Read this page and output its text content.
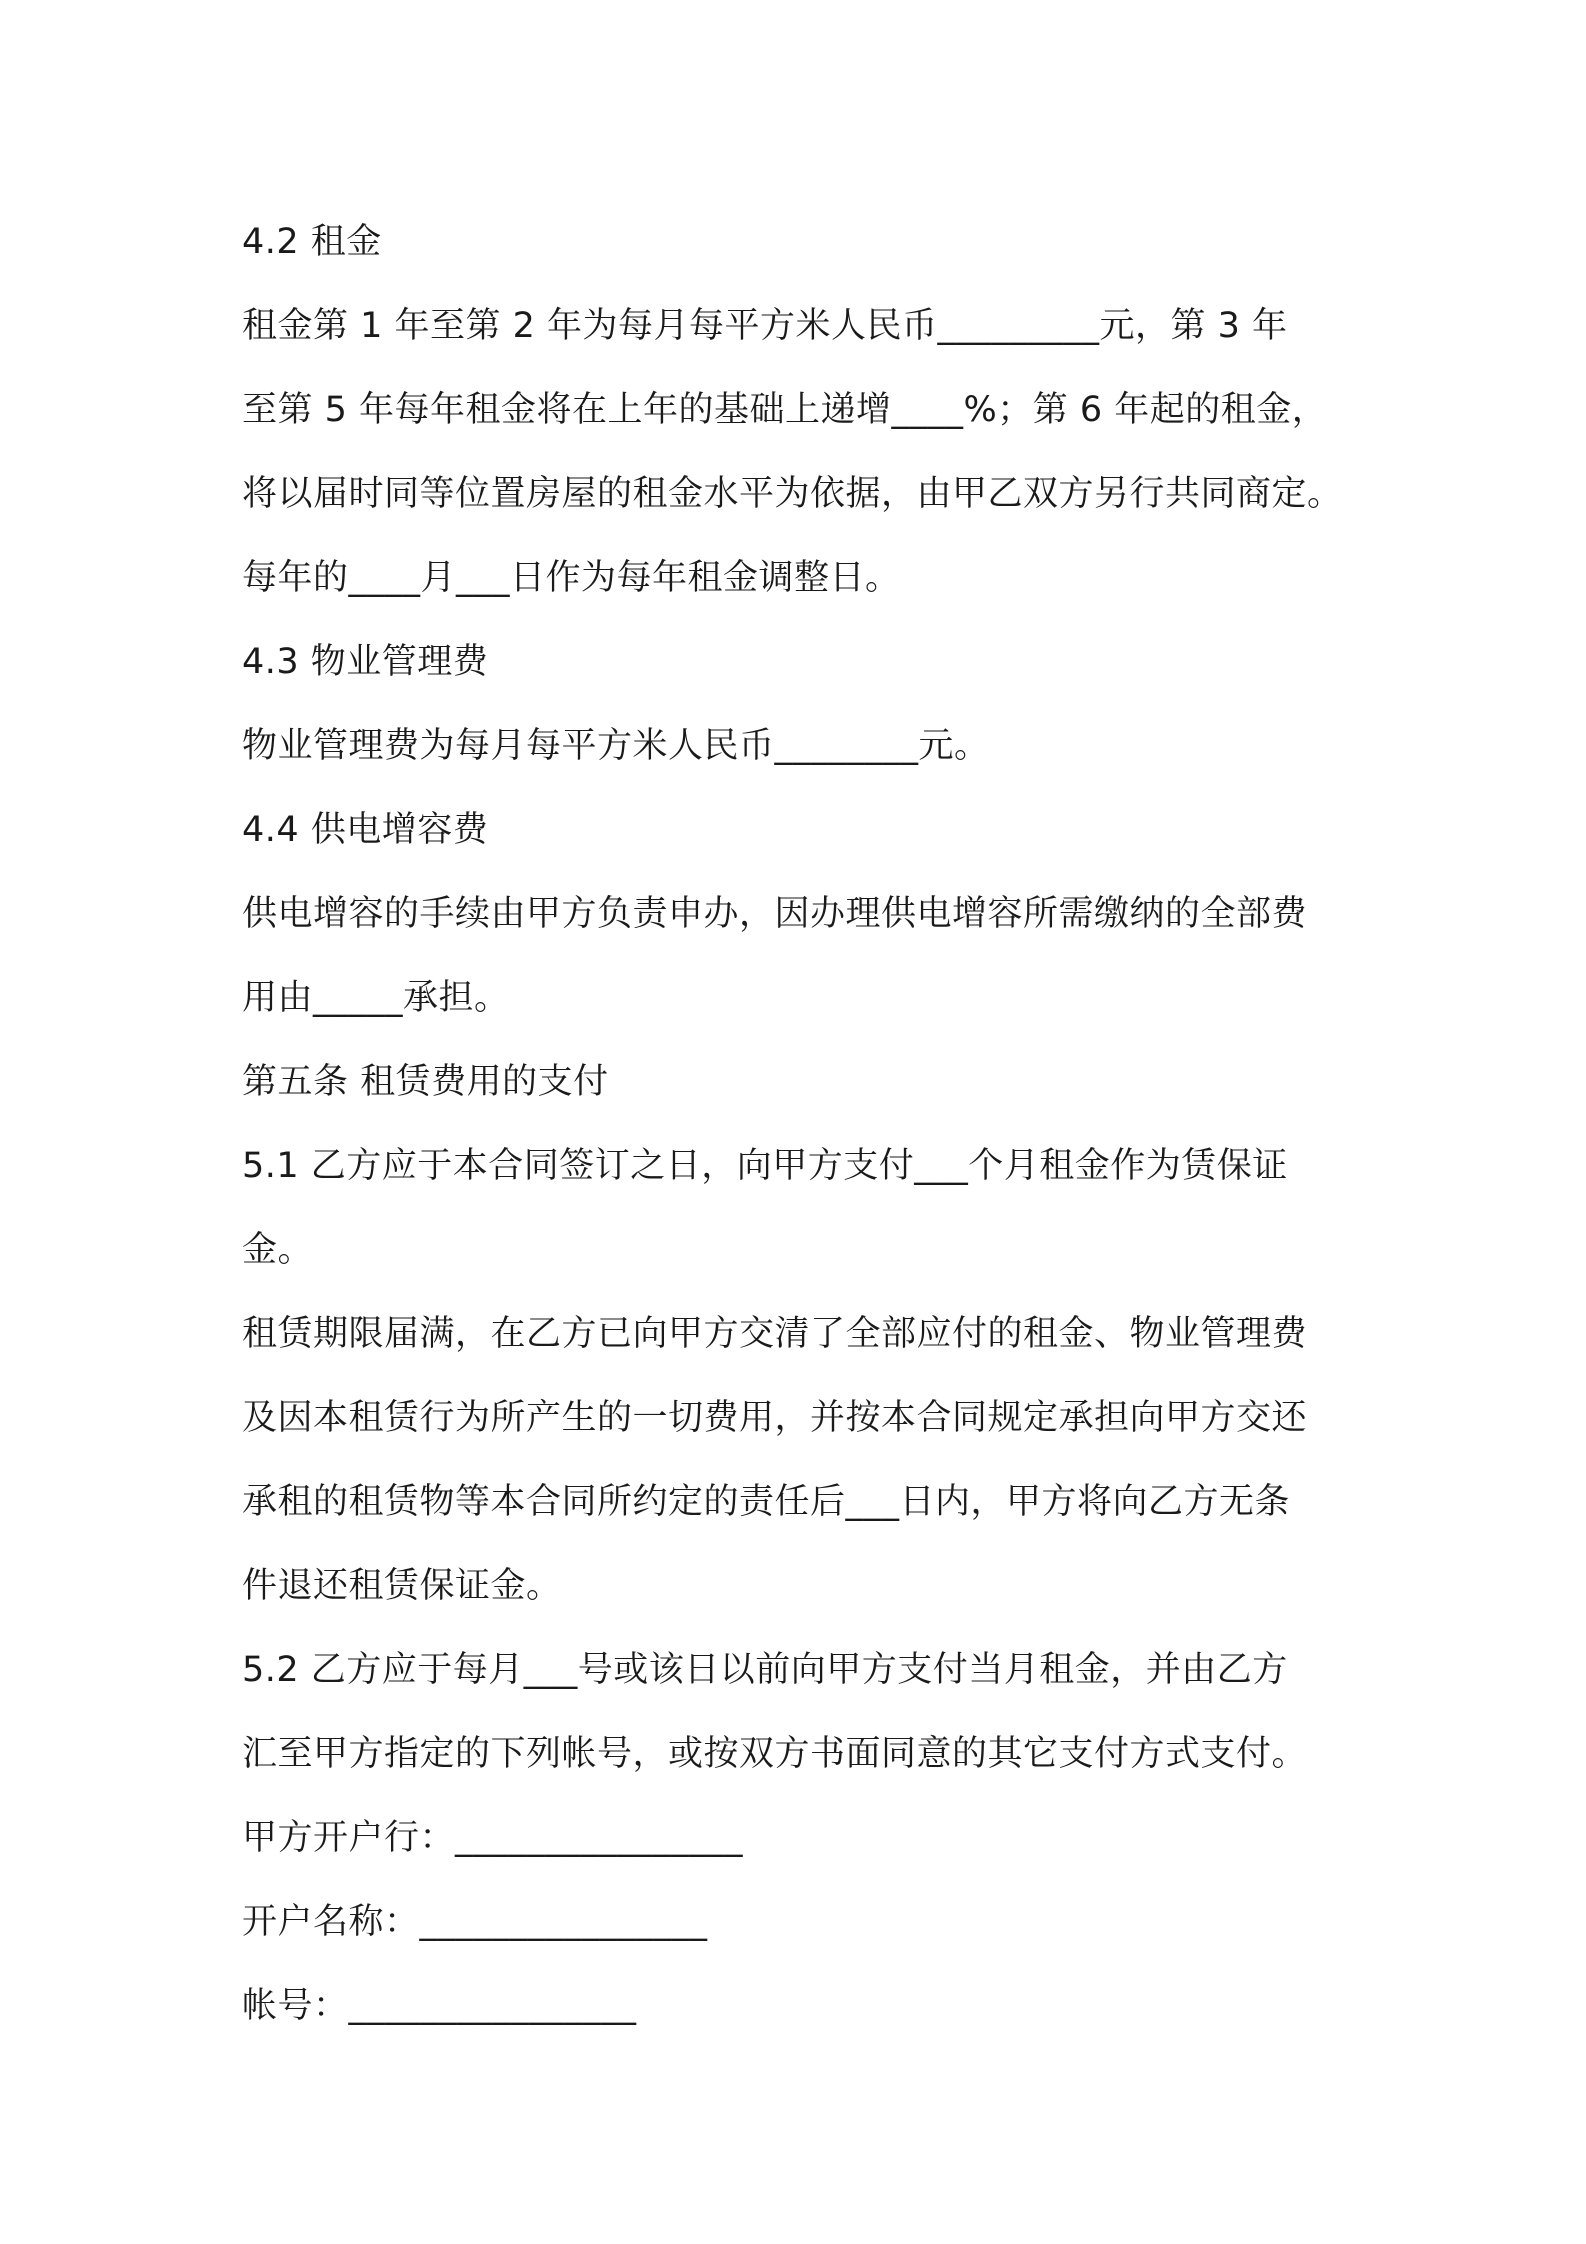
4.2 租金
租金第 1 年至第 2 年为每月每平方米人民币_________元，第 3 年
至第 5 年每年租金将在上年的基础上递增____%；第 6 年起的租金，
将以届时同等位置房屋的租金水平为依据，由甲乙双方另行共同商定。
每年的____月___日作为每年租金调整日。
4.3 物业管理费
物业管理费为每月每平方米人民币________元。
4.4 供电增容费
供电增容的手续由甲方负责申办，因办理供电增容所需缴纳的全部费
用由_____承担。
第五条 租赁费用的支付
5.1 乙方应于本合同签订之日，向甲方支付___个月租金作为赁保证
金。
租赁期限届满，在乙方已向甲方交清了全部应付的租金、物业管理费
及因本租赁行为所产生的一切费用，并按本合同规定承担向甲方交还
承租的租赁物等本合同所约定的责任后___日内，甲方将向乙方无条
件退还租赁保证金。
5.2 乙方应于每月___号或该日以前向甲方支付当月租金，并由乙方
汇至甲方指定的下列帐号，或按双方书面同意的其它支付方式支付。
甲方开户行：________________
开户名称：________________
帐号：________________
